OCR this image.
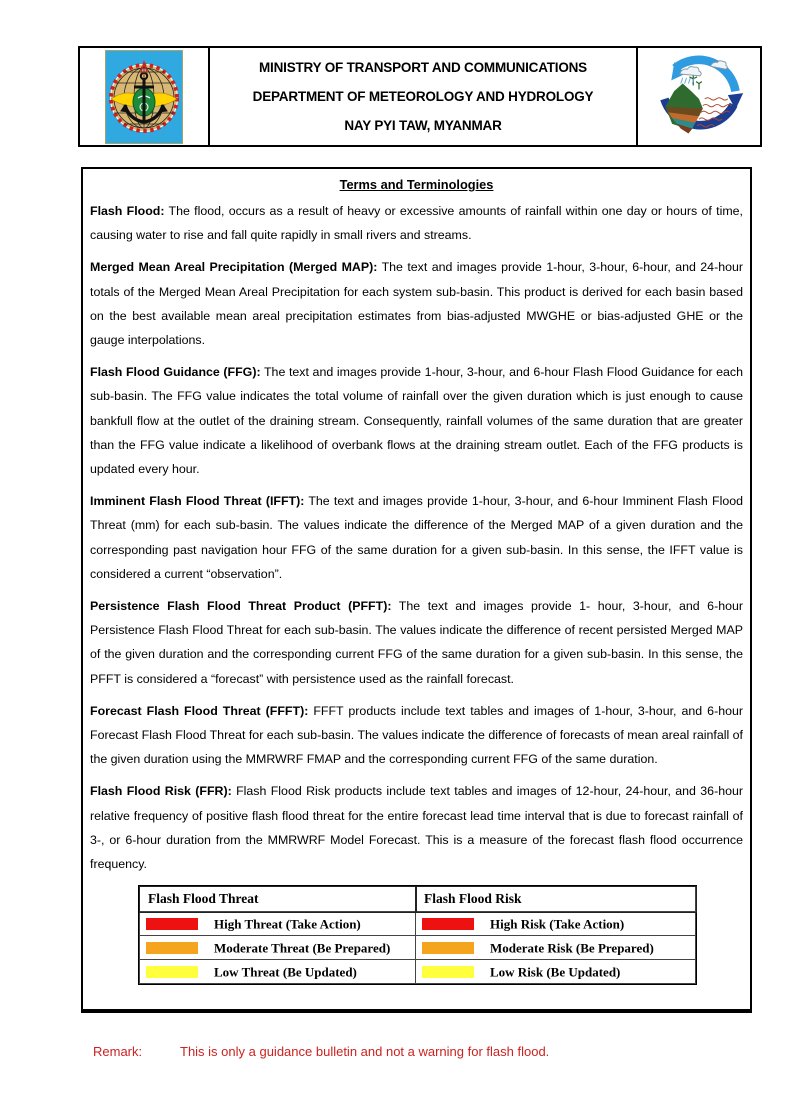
MINISTRY OF TRANSPORT AND COMMUNICATIONS
DEPARTMENT OF METEOROLOGY AND HYDROLOGY
NAY PYI TAW, MYANMAR
Terms and Terminologies

Flash Flood: The flood, occurs as a result of heavy or excessive amounts of rainfall within one day or hours of time, causing water to rise and fall quite rapidly in small rivers and streams.

Merged Mean Areal Precipitation (Merged MAP): The text and images provide 1-hour, 3-hour, 6-hour, and 24-hour totals of the Merged Mean Areal Precipitation for each system sub-basin. This product is derived for each basin based on the best available mean areal precipitation estimates from bias-adjusted MWGHE or bias-adjusted GHE or the gauge interpolations.

Flash Flood Guidance (FFG): The text and images provide 1-hour, 3-hour, and 6-hour Flash Flood Guidance for each sub-basin. The FFG value indicates the total volume of rainfall over the given duration which is just enough to cause bankfull flow at the outlet of the draining stream. Consequently, rainfall volumes of the same duration that are greater than the FFG value indicate a likelihood of overbank flows at the draining stream outlet. Each of the FFG products is updated every hour.

Imminent Flash Flood Threat (IFFT): The text and images provide 1-hour, 3-hour, and 6-hour Imminent Flash Flood Threat (mm) for each sub-basin. The values indicate the difference of the Merged MAP of a given duration and the corresponding past navigation hour FFG of the same duration for a given sub-basin. In this sense, the IFFT value is considered a current “observation”.

Persistence Flash Flood Threat Product (PFFT): The text and images provide 1- hour, 3-hour, and 6-hour Persistence Flash Flood Threat for each sub-basin. The values indicate the difference of recent persisted Merged MAP of the given duration and the corresponding current FFG of the same duration for a given sub-basin. In this sense, the PFFT is considered a “forecast” with persistence used as the rainfall forecast.

Forecast Flash Flood Threat (FFFT): FFFT products include text tables and images of 1-hour, 3-hour, and 6-hour Forecast Flash Flood Threat for each sub-basin. The values indicate the difference of forecasts of mean areal rainfall of the given duration using the MMRWRF FMAP and the corresponding current FFG of the same duration.

Flash Flood Risk (FFR): Flash Flood Risk products include text tables and images of 12-hour, 24-hour, and 36-hour relative frequency of positive flash flood threat for the entire forecast lead time interval that is due to forecast rainfall of 3-, or 6-hour duration from the MMRWRF Model Forecast. This is a measure of the forecast flash flood occurrence frequency.

Flash Flood Threat	Flash Flood Risk
High Threat (Take Action)	High Risk (Take Action)
Moderate Threat (Be Prepared)	Moderate Risk (Be Prepared)
Low Threat (Be Updated)	Low Risk (Be Updated)
Remark:	This is only a guidance bulletin and not a warning for flash flood.
